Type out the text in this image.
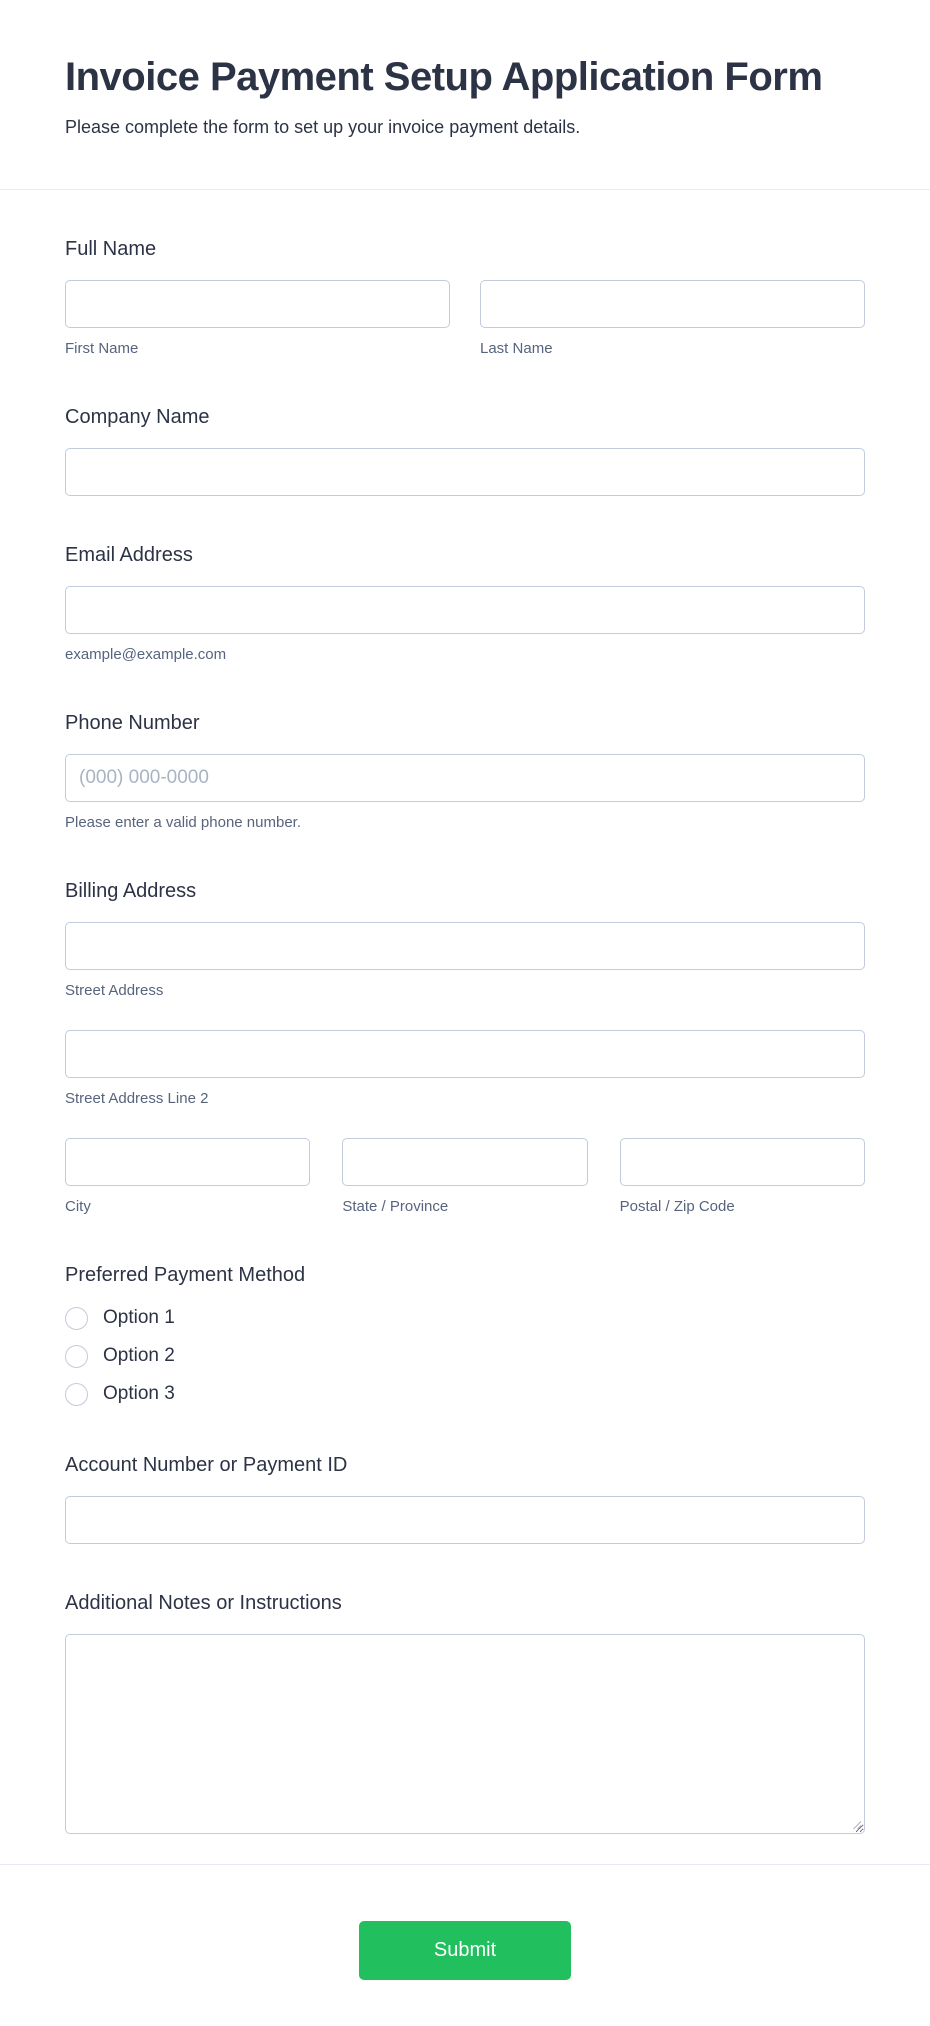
Invoice Payment Setup Application Form

Please complete the form to set up your invoice payment details.

Full Name
First Name	Last Name
Company Name
Email Address
example@example.com
Phone Number
(000) 000-0000
Please enter a valid phone number.
Billing Address
Street Address
Street Address Line 2
City	State / Province	Postal / Zip Code
Preferred Payment Method
Option 1
Option 2
Option 3
Account Number or Payment ID
Additional Notes or Instructions
Submit
